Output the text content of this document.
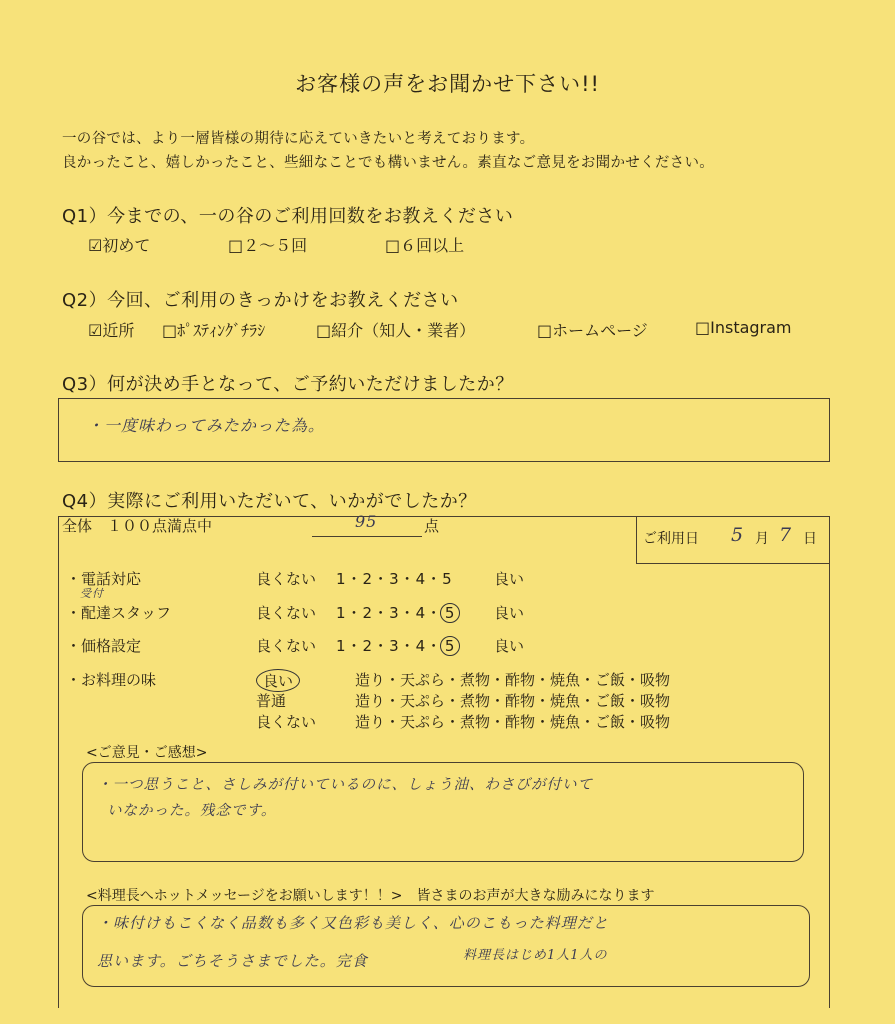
お客様の声をお聞かせ下さい!!
一の谷では、より一層皆様の期待に応えていきたいと考えております。
良かったこと、嬉しかったこと、些細なことでも構いません。素直なご意見をお聞かせください。
Q1）今までの、一の谷のご利用回数をお教えください
☑初めて	□２～５回	□６回以上
Q2）今回、ご利用のきっかけをお教えください
☑近所 □ﾎﾟｽﾃｨﾝｸﾞﾁﾗｼ	□紹介（知人・業者）	□ホームページ	□Instagram
Q3）何が決め手となって、ご予約いただけましたか？
・一度味わってみたかった為。
Q4）実際にご利用いただいて、いかがでしたか？
全体　１００点満点中	95	点
ご利用日 5 月 7 日
・電話対応	良くない 1・2・3・4・5	良い
受付
・配達スタッフ	良くない 1・2・3・4・ 5	良い
・価格設定	良くない 1・2・3・4・ 5	良い
・お料理の味	良い	造り・天ぷら・煮物・酢物・焼魚・ご飯・吸物
普通	造り・天ぷら・煮物・酢物・焼魚・ご飯・吸物
良くない	造り・天ぷら・煮物・酢物・焼魚・ご飯・吸物
<ご意見・ご感想>
・一つ思うこと、さしみが付いているのに、しょう油、わさびが付いて
いなかった。残念です。
<料理長へホットメッセージをお願いします！！>　皆さまのお声が大きな励みになります
・味付けもこくなく品数も多く又色彩も美しく、心のこもった料理だと
思います。ごちそうさまでした。完食	料理長はじめ1人1人の
